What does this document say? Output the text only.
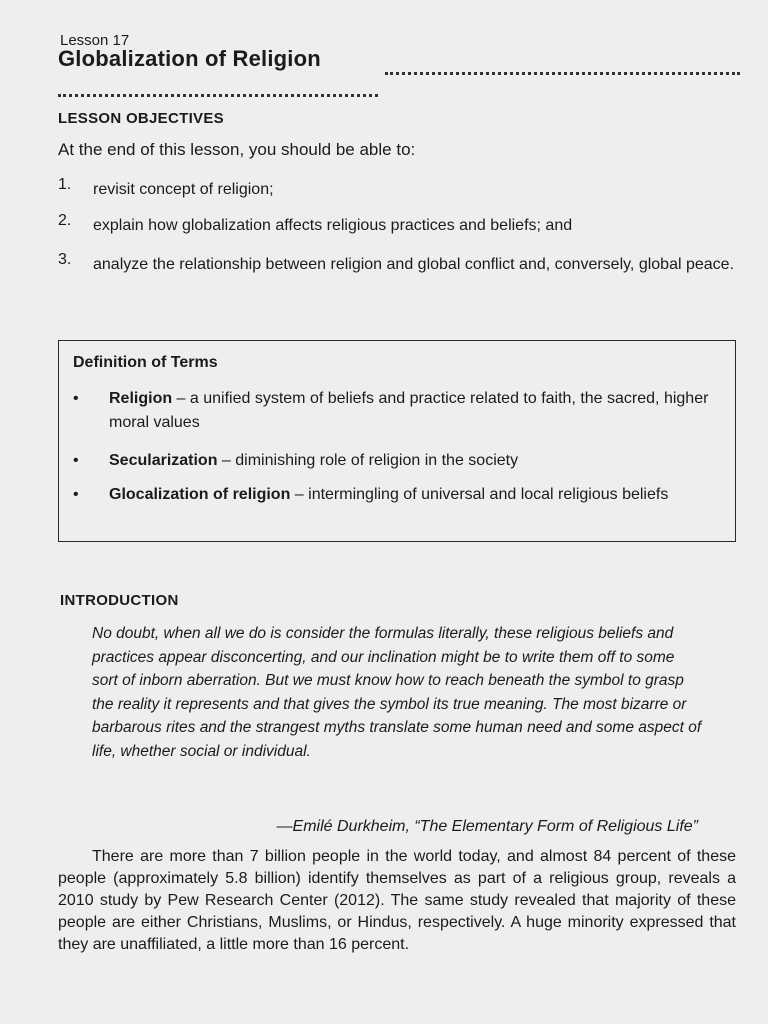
Lesson 17
Globalization of Religion
LESSON OBJECTIVES
At the end of this lesson, you should be able to:
1. revisit concept of religion;
2. explain how globalization affects religious practices and beliefs; and
3. analyze the relationship between religion and global conflict and, conversely, global peace.
Definition of Terms
• Religion – a unified system of beliefs and practice related to faith, the sacred, higher moral values
• Secularization – diminishing role of religion in the society
• Glocalization of religion – intermingling of universal and local religious beliefs
INTRODUCTION
No doubt, when all we do is consider the formulas literally, these religious beliefs and practices appear disconcerting, and our inclination might be to write them off to some sort of inborn aberration. But we must know how to reach beneath the symbol to grasp the reality it represents and that gives the symbol its true meaning. The most bizarre or barbarous rites and the strangest myths translate some human need and some aspect of life, whether social or individual.
—Emilé Durkheim, “The Elementary Form of Religious Life”
There are more than 7 billion people in the world today, and almost 84 percent of these people (approximately 5.8 billion) identify themselves as part of a religious group, reveals a 2010 study by Pew Research Center (2012). The same study revealed that majority of these people are either Christians, Muslims, or Hindus, respectively. A huge minority expressed that they are unaffiliated, a little more than 16 percent.
